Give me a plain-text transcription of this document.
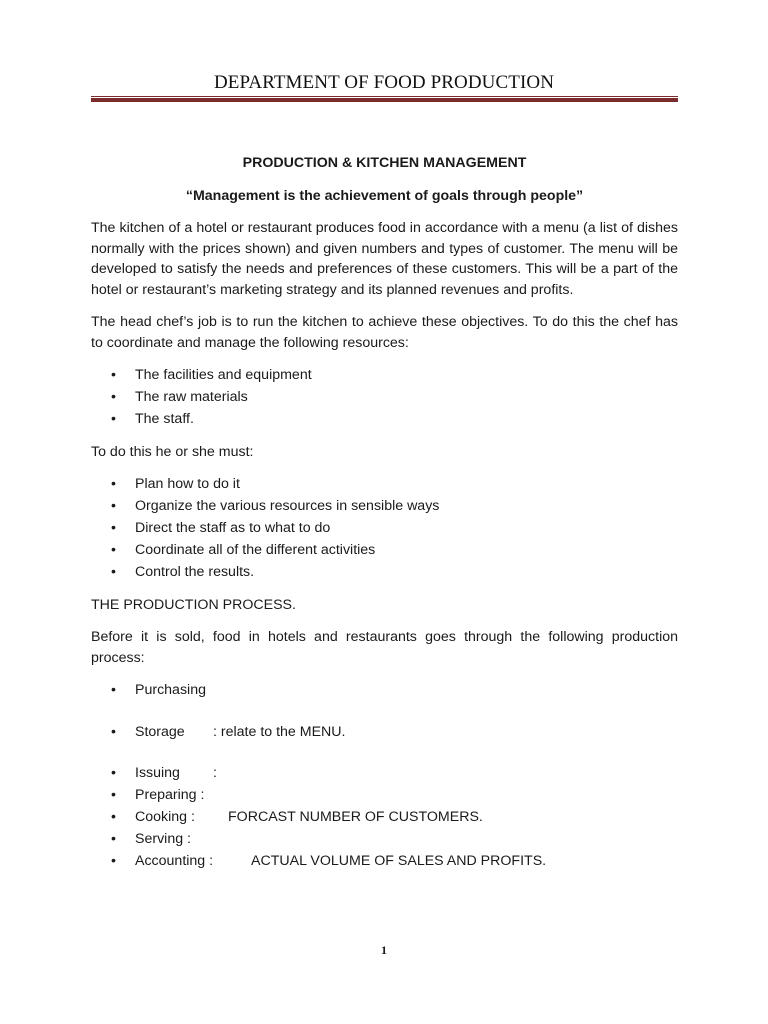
DEPARTMENT OF FOOD PRODUCTION

PRODUCTION & KITCHEN MANAGEMENT

“Management is the achievement of goals through people”

The kitchen of a hotel or restaurant produces food in accordance with a menu (a list of dishes normally with the prices shown) and given numbers and types of customer. The menu will be developed to satisfy the needs and preferences of these customers. This will be a part of the hotel or restaurant’s marketing strategy and its planned revenues and profits.

The head chef’s job is to run the kitchen to achieve these objectives. To do this the chef has to coordinate and manage the following resources:

• The facilities and equipment
• The raw materials
• The staff.

To do this he or she must:

• Plan how to do it
• Organize the various resources in sensible ways
• Direct the staff as to what to do
• Coordinate all of the different activities
• Control the results.

THE PRODUCTION PROCESS.

Before it is sold, food in hotels and restaurants goes through the following production process:

• Purchasing
• Storage : relate to the MENU.
• Issuing :
• Preparing :
• Cooking : FORCAST NUMBER OF CUSTOMERS.
• Serving :
• Accounting :	ACTUAL VOLUME OF SALES AND PROFITS.
1
